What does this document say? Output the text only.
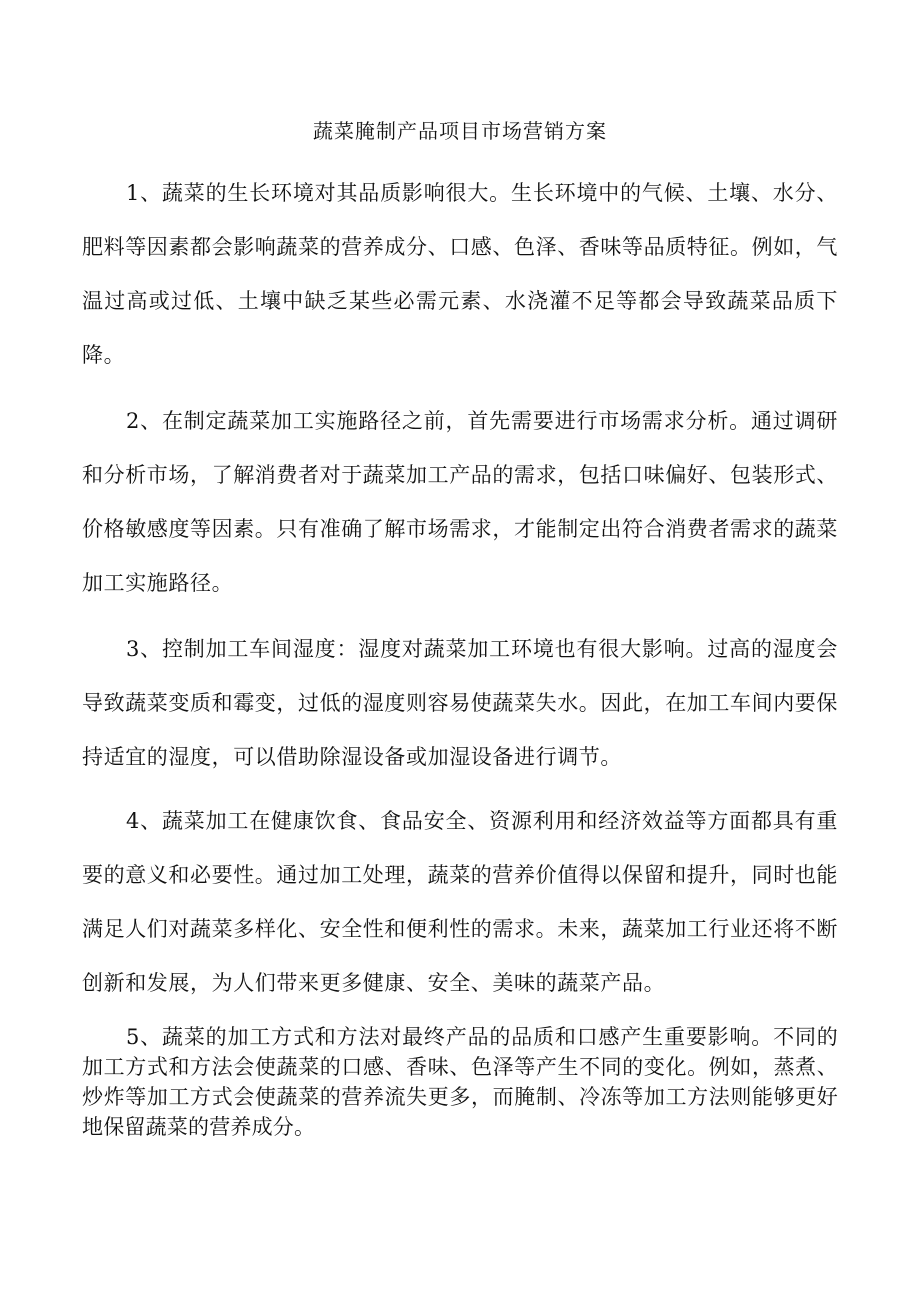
蔬菜腌制产品项目市场营销方案

1、蔬菜的生长环境对其品质影响很大。生长环境中的气候、土壤、水分、肥料等因素都会影响蔬菜的营养成分、口感、色泽、香味等品质特征。例如，气温过高或过低、土壤中缺乏某些必需元素、水浇灌不足等都会导致蔬菜品质下降。

2、在制定蔬菜加工实施路径之前，首先需要进行市场需求分析。通过调研和分析市场，了解消费者对于蔬菜加工产品的需求，包括口味偏好、包装形式、价格敏感度等因素。只有准确了解市场需求，才能制定出符合消费者需求的蔬菜加工实施路径。

3、控制加工车间湿度：湿度对蔬菜加工环境也有很大影响。过高的湿度会导致蔬菜变质和霉变，过低的湿度则容易使蔬菜失水。因此，在加工车间内要保持适宜的湿度，可以借助除湿设备或加湿设备进行调节。

4、蔬菜加工在健康饮食、食品安全、资源利用和经济效益等方面都具有重要的意义和必要性。通过加工处理，蔬菜的营养价值得以保留和提升，同时也能满足人们对蔬菜多样化、安全性和便利性的需求。未来，蔬菜加工行业还将不断创新和发展，为人们带来更多健康、安全、美味的蔬菜产品。

5、蔬菜的加工方式和方法对最终产品的品质和口感产生重要影响。不同的加工方式和方法会使蔬菜的口感、香味、色泽等产生不同的变化。例如，蒸煮、炒炸等加工方式会使蔬菜的营养流失更多，而腌制、冷冻等加工方法则能够更好地保留蔬菜的营养成分。
